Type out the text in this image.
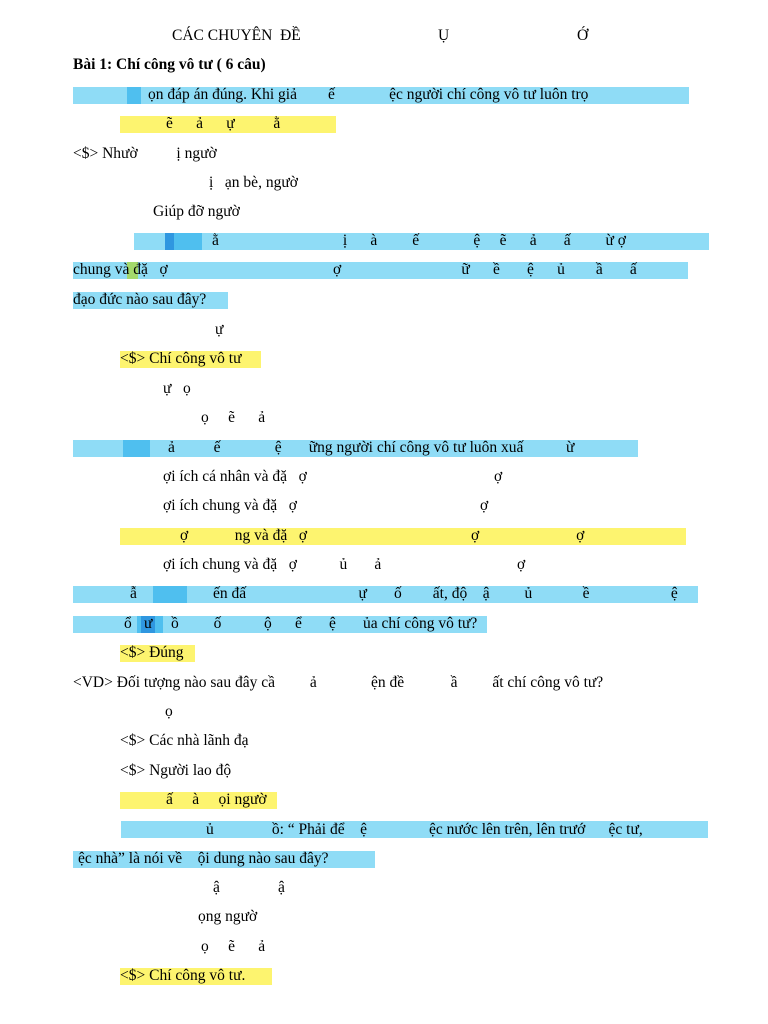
CÁC CHUYÊN  ĐỀ	Ụ	Ớ
Bài 1: Chí công vô tư ( 6 câu)
ọn đáp án đúng. Khi giả        ế              ệc người chí công vô tư luôn trọ
ẽ      ả      ự          ằ
<$> Nhườ          ị ngườ
ị   ạn bè, ngườ
Giúp đỡ ngườ
ằ                                ị      à         ế              ệ     ẽ      ả       ấ         ừ ợ
chung và đặ   ợ	ợ                               ữ      ề       ệ      ủ        ầ       ấ
đạo đức nào sau đây?
ự
<$> Chí công vô tư
ự   ọ
ọ     ẽ      ả
ả          ế              ệ       ững người chí công vô tư luôn xuấ           ừ
ợi ích cá nhân và đặ   ợ	ợ
ợi ích chung và đặ   ợ	ợ
ợ            ng và đặ   ợ	ợ                         ợ
ợi ích chung và đặ   ợ           ủ       ả	ợ
ẫ	ến đấ                             ự       ố        ất, độ    ậ         ủ             ề                     ệ
ổ ư ồ         ố           ộ      ể       ệ       ủa chí công vô tư?
<$> Đúng
<VD> Đối tượng nào sau đây cầ         ả              ện đề            ầ         ất chí công vô tư?
ọ
<$> Các nhà lãnh đạ
<$> Người lao độ
ấ     à     ọi ngườ
ủ               ồ: “ Phải để    ệ                ệc nước lên trên, lên trướ      ệc tư,
ệc nhà” là nói về    ội dung nào sau đây?
ậ               ậ
ọng ngườ
ọ     ẽ      ả
<$> Chí công vô tư.
